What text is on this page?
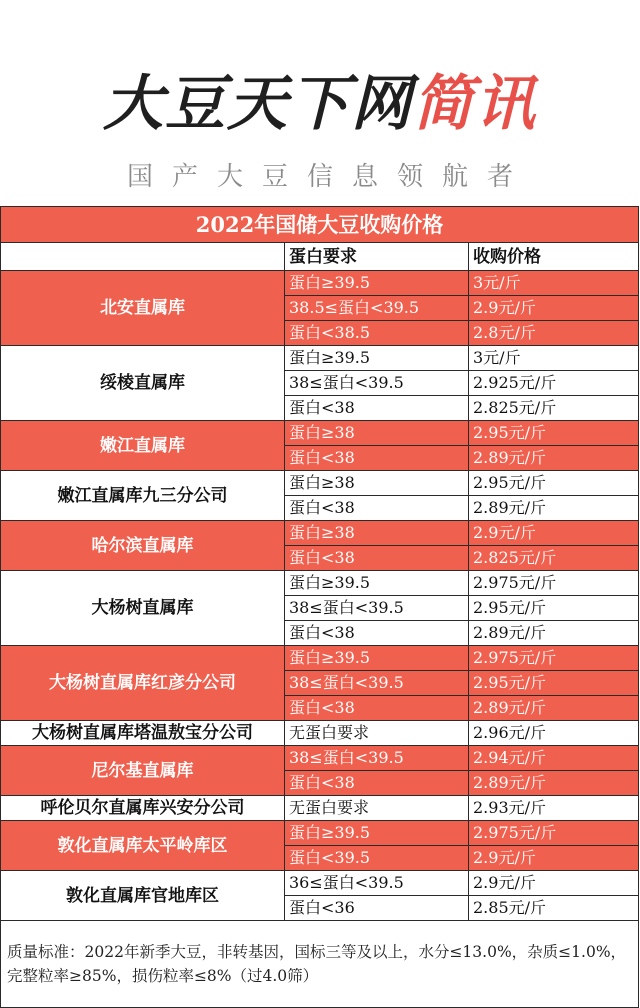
大豆天下网简讯
国产大豆信息领航者
2022年国储大豆收购价格		
	蛋白要求	收购价格
北安直属库	蛋白≥39.5	3元/斤
	38.5≤蛋白<39.5	2.9元/斤
	蛋白<38.5	2.8元/斤
绥棱直属库	蛋白≥39.5	3元/斤
	38≤蛋白<39.5	2.925元/斤
	蛋白<38	2.825元/斤
嫩江直属库	蛋白≥38	2.95元/斤
	蛋白<38	2.89元/斤
嫩江直属库九三分公司	蛋白≥38	2.95元/斤
	蛋白<38	2.89元/斤
哈尔滨直属库	蛋白≥38	2.9元/斤
	蛋白<38	2.825元/斤
大杨树直属库	蛋白≥39.5	2.975元/斤
	38≤蛋白<39.5	2.95元/斤
	蛋白<38	2.89元/斤
大杨树直属库红彦分公司	蛋白≥39.5	2.975元/斤
	38≤蛋白<39.5	2.95元/斤
	蛋白<38	2.89元/斤
大杨树直属库塔温敖宝分公司	无蛋白要求	2.96元/斤
尼尔基直属库	38≤蛋白<39.5	2.94元/斤
	蛋白<38	2.89元/斤
呼伦贝尔直属库兴安分公司	无蛋白要求	2.93元/斤
敦化直属库太平岭库区	蛋白≥39.5	2.975元/斤
	蛋白<39.5	2.9元/斤
敦化直属库官地库区	36≤蛋白<39.5	2.9元/斤
	蛋白<36	2.85元/斤
质量标准：2022年新季大豆，非转基因，国标三等及以上，水分≤13.0%，杂质≤1.0%，完整粒率≥85%，损伤粒率≤8%（过4.0筛）		
